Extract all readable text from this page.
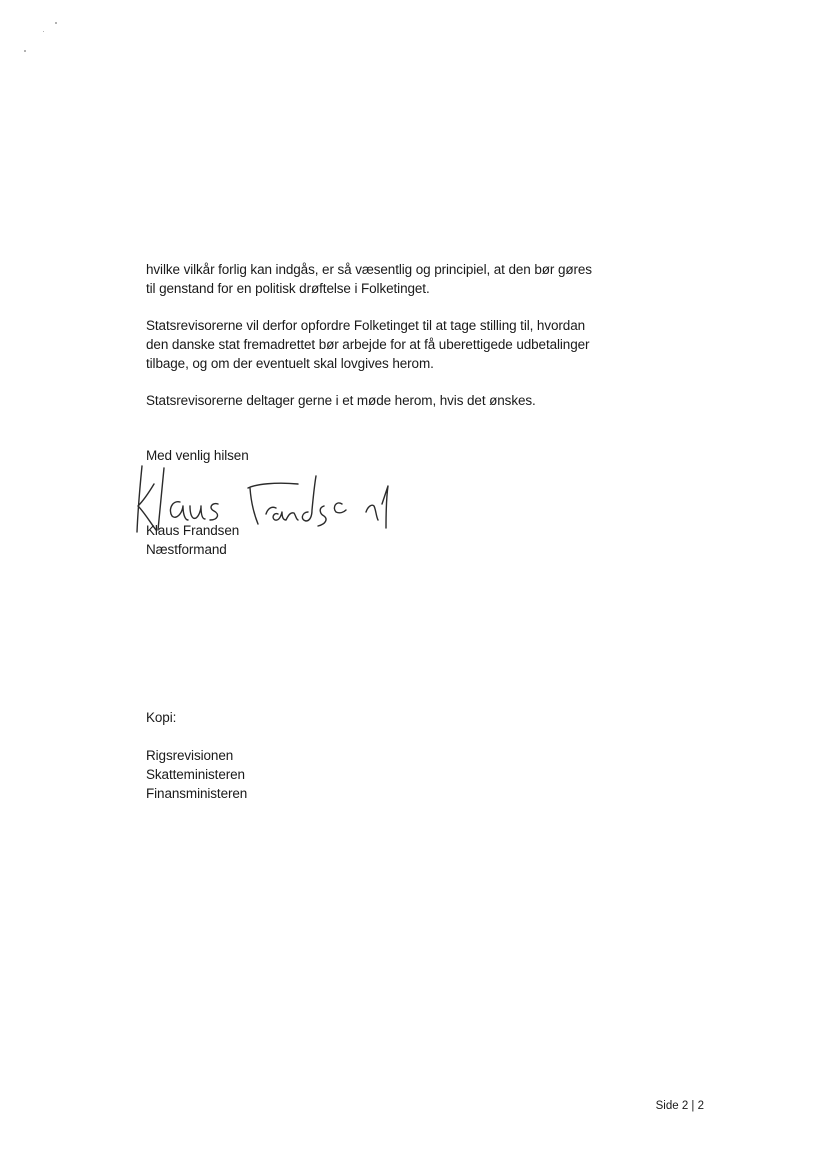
hvilke vilkår forlig kan indgås, er så væsentlig og principiel, at den bør gøres
til genstand for en politisk drøftelse i Folketinget.

Statsrevisorerne vil derfor opfordre Folketinget til at tage stilling til, hvordan
den danske stat fremadrettet bør arbejde for at få uberettigede udbetalinger
tilbage, og om der eventuelt skal lovgives herom.

Statsrevisorerne deltager gerne i et møde herom, hvis det ønskes.

Med venlig hilsen
Klaus Frandsen
Næstformand
Kopi:
Rigsrevisionen
Skatteministeren
Finansministeren
Side 2 | 2
